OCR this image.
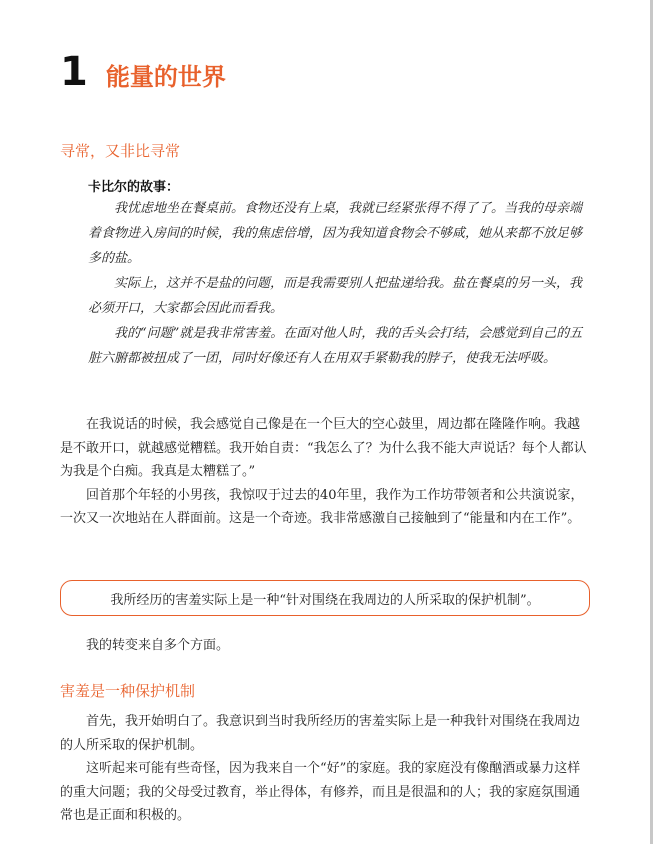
1 能量的世界
寻常，又非比寻常
卡比尔的故事：

我忧虑地坐在餐桌前。食物还没有上桌，我就已经紧张得不得了了。当我的母亲端着食物进入房间的时候，我的焦虑倍增，因为我知道食物会不够咸，她从来都不放足够多的盐。

实际上，这并不是盐的问题，而是我需要别人把盐递给我。盐在餐桌的另一头，我必须开口，大家都会因此而看我。

我的“问题”就是我非常害羞。在面对他人时，我的舌头会打结，会感觉到自己的五脏六腑都被扭成了一团，同时好像还有人在用双手紧勒我的脖子，使我无法呼吸。

在我说话的时候，我会感觉自己像是在一个巨大的空心鼓里，周边都在隆隆作响。我越是不敢开口，就越感觉糟糕。我开始自责：“我怎么了？为什么我不能大声说话？每个人都认为我是个白痴。我真是太糟糕了。”

回首那个年轻的小男孩，我惊叹于过去的40年里，我作为工作坊带领者和公共演说家，一次又一次地站在人群面前。这是一个奇迹。我非常感激自己接触到了“能量和内在工作”。

我所经历的害羞实际上是一种“针对围绕在我周边的人所采取的保护机制”。

我的转变来自多个方面。

害羞是一种保护机制

首先，我开始明白了。我意识到当时我所经历的害羞实际上是一种我针对围绕在我周边的人所采取的保护机制。

这听起来可能有些奇怪，因为我来自一个“好”的家庭。我的家庭没有像酗酒或暴力这样的重大问题；我的父母受过教育，举止得体，有修养，而且是很温和的人；我的家庭氛围通常也是正面和积极的。
